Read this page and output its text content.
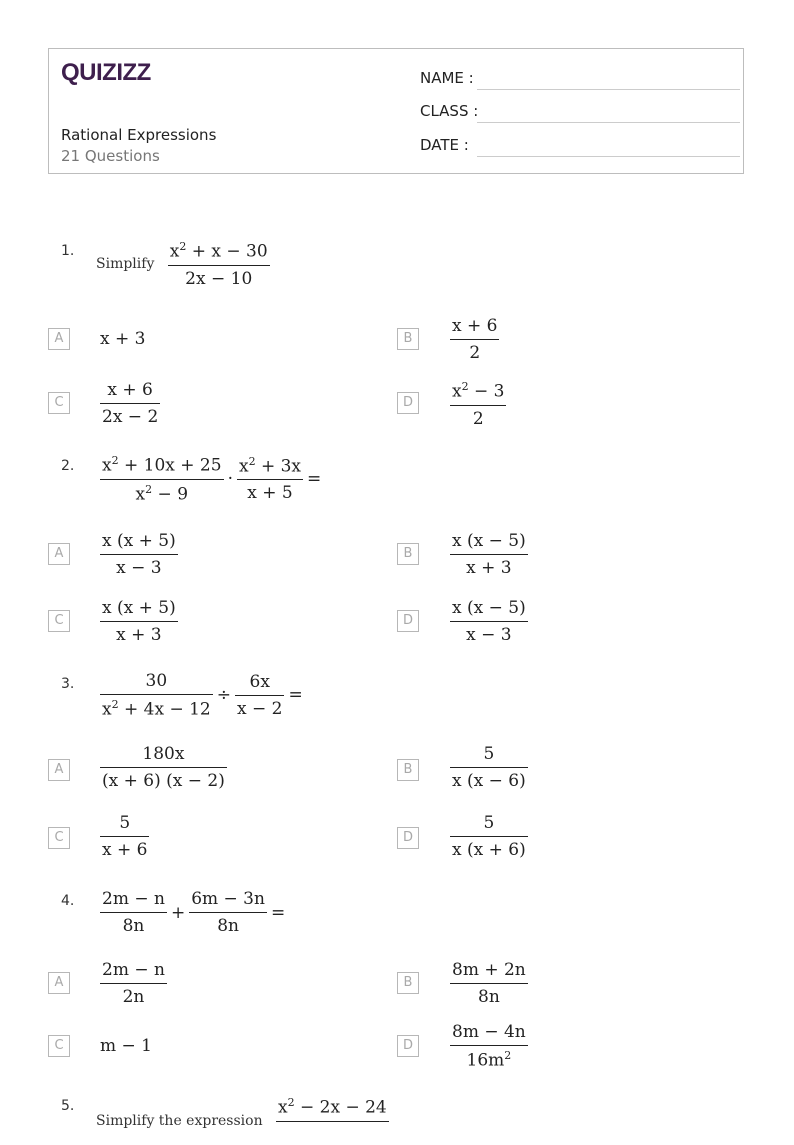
QUIZIZZ
Rational Expressions
21 Questions
NAME :
CLASS :
DATE :
1.
Simplify $\frac{x^2 + x - 30}{2x - 10}$
A	x + 3	B	$\frac{x + 6}{2}$
C	$\frac{x + 6}{2x - 2}$	D	$\frac{x^2 - 3}{2}$
2. $\frac{x^2 + 10x + 25}{x^2 - 9} \cdot \frac{x^2 + 3x}{x + 5}$ =
A	$\frac{x (x + 5)}{x - 3}$	B	$\frac{x (x - 5)}{x + 3}$
C	$\frac{x (x + 5)}{x + 3}$	D	$\frac{x (x - 5)}{x - 3}$
3. $\frac{30}{x^2 + 4x - 12} \div \frac{6x}{x - 2}$ =
A	$\frac{180x}{(x + 6) (x - 2)}$	B	$\frac{5}{x (x - 6)}$
C	$\frac{5}{x + 6}$	D	$\frac{5}{x (x + 6)}$
4. $\frac{2m - n}{8n} + \frac{6m - 3n}{8n}$ =
A	$\frac{2m - n}{2n}$	B	$\frac{8m + 2n}{8n}$
C	m − 1	D	$\frac{8m - 4n}{16m^2}$
5.
$_{Simplify the expression}$
$x^2 - 2x - 24$
